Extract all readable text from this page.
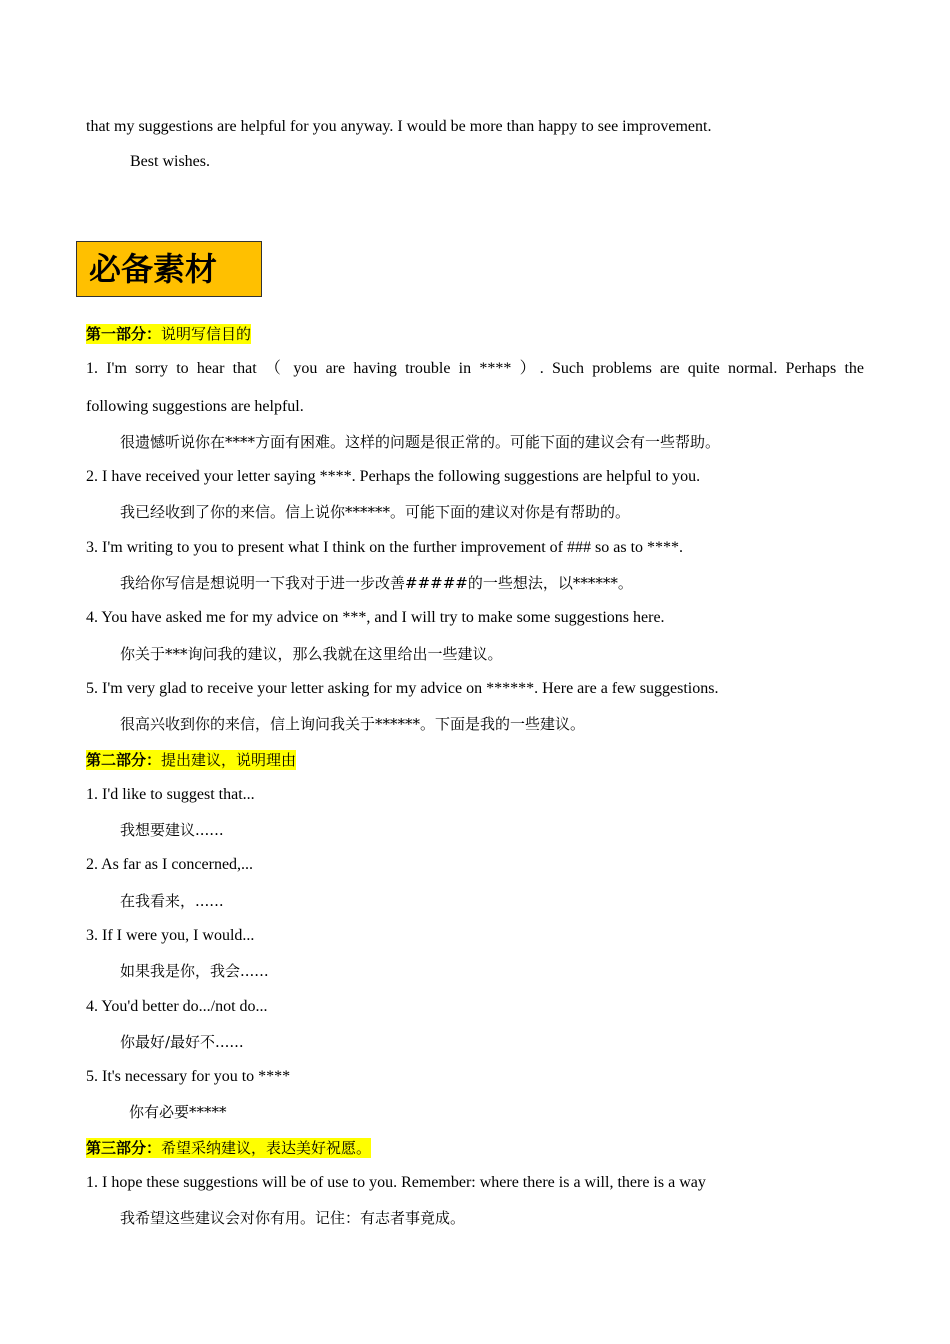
that my suggestions are helpful for you anyway. I would be more than happy to see improvement.
Best wishes.
必备素材
第一部分：说明写信目的
1. I'm sorry to hear that （ you are having trouble in **** ）. Such problems are quite normal. Perhaps the
following suggestions are helpful.
很遗憾听说你在****方面有困难。这样的问题是很正常的。可能下面的建议会有一些帮助。
2. I have received your letter saying ****. Perhaps the following suggestions are helpful to you.
我已经收到了你的来信。信上说你******。可能下面的建议对你是有帮助的。
3. I'm writing to you to present what I think on the further improvement of ### so as to ****.
我给你写信是想说明一下我对于进一步改善#####的一些想法，以******。
4. You have asked me for my advice on ***, and I will try to make some suggestions here.
你关于***询问我的建议，那么我就在这里给出一些建议。
5. I'm very glad to receive your letter asking for my advice on ******. Here are a few suggestions.
很高兴收到你的来信，信上询问我关于******。下面是我的一些建议。
第二部分：提出建议，说明理由
1. I'd like to suggest that...
我想要建议......
2. As far as I concerned,...
在我看来，......
3. If I were you, I would...
如果我是你，我会......
4. You'd better do.../not do...
你最好/最好不......
5. It's necessary for you to ****
你有必要*****
第三部分：希望采纳建议，表达美好祝愿。
1. I hope these suggestions will be of use to you. Remember: where there is a will, there is a way
我希望这些建议会对你有用。记住：有志者事竟成。
